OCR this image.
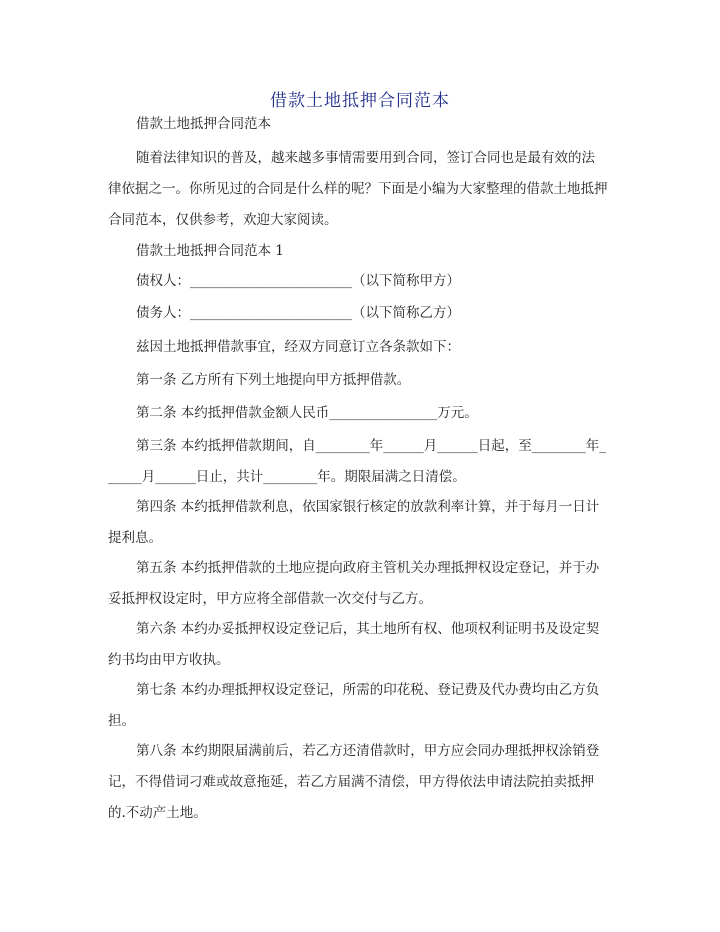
借款土地抵押合同范本

借款土地抵押合同范本

随着法律知识的普及，越来越多事情需要用到合同，签订合同也是最有效的法律依据之一。你所见过的合同是什么样的呢？下面是小编为大家整理的借款土地抵押合同范本，仅供参考，欢迎大家阅读。

借款土地抵押合同范本 1

债权人：________________________（以下简称甲方）

债务人：________________________（以下简称乙方）

兹因土地抵押借款事宜，经双方同意订立各条款如下：

第一条 乙方所有下列土地提向甲方抵押借款。

第二条 本约抵押借款金额人民币________________万元。

第三条 本约抵押借款期间，自________年______月______日起，至________年______月______日止，共计________年。期限届满之日清偿。

第四条 本约抵押借款利息，依国家银行核定的放款利率计算，并于每月一日计提利息。

第五条 本约抵押借款的土地应提向政府主管机关办理抵押权设定登记，并于办妥抵押权设定时，甲方应将全部借款一次交付与乙方。

第六条 本约办妥抵押权设定登记后，其土地所有权、他项权利证明书及设定契约书均由甲方收执。

第七条 本约办理抵押权设定登记，所需的印花税、登记费及代办费均由乙方负担。

第八条 本约期限届满前后，若乙方还清借款时，甲方应会同办理抵押权涂销登记，不得借词刁难或故意拖延，若乙方届满不清偿，甲方得依法申请法院拍卖抵押的.不动产土地。
